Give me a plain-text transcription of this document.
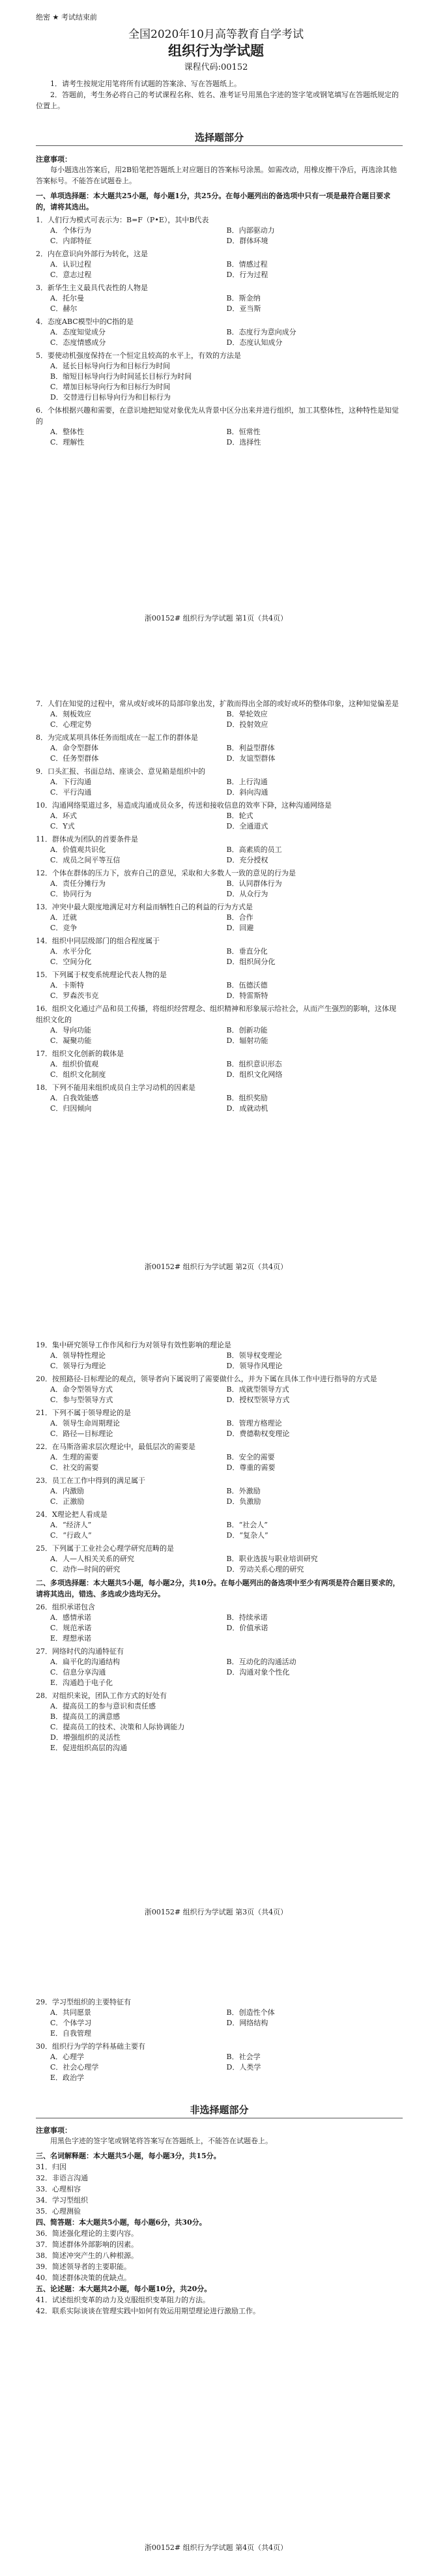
绝密 ★ 考试结束前
全国2020年10月高等教育自学考试
组织行为学试题
课程代码:00152
1．请考生按规定用笔将所有试题的答案涂、写在答题纸上。
2．答题前，考生务必将自己的考试课程名称、姓名、准考证号用黑色字迹的签字笔或钢笔填写在答题纸规定的位置上。
选择题部分
注意事项：
每小题选出答案后，用2B铅笔把答题纸上对应题目的答案标号涂黑。如需改动，用橡皮擦干净后，再选涂其他答案标号。不能答在试题卷上。
一、单项选择题：本大题共25小题，每小题1分，共25分。在每小题列出的备选项中只有一项是最符合题目要求的，请将其选出。
1．人们行为模式可表示为：B=F（P•E），其中B代表
A．个体行为	B．内部驱动力
C．内部特征	D．群体环境
2．内在意识向外部行为转化，这是
A．认识过程	B．情感过程
C．意志过程	D．行为过程
3．新华生主义最具代表性的人物是
A．托尔曼	B．斯金纳
C．赫尔	D．亚当斯
4．态度ABC模型中的C指的是
A．态度知觉成分	B．态度行为意向成分
C．态度情感成分	D．态度认知成分
5．要使动机强度保持在一个恒定且较高的水平上，有效的方法是
A．延长目标导向行为和目标行为时间
B．缩短目标导向行为时间延长目标行为时间
C．增加目标导向行为和目标行为时间
D．交替进行目标导向行为和目标行为
6．个体根据兴趣和需要，在意识地把知觉对象优先从背景中区分出来并进行组织，加工其整体性，这种特性是知觉的
A．整体性	B．恒常性
C．理解性	D．选择性
浙00152# 组织行为学试题 第1页（共4页）
7．人们在知觉的过程中，常从或好或坏的局部印象出发，扩散而得出全部的或好或坏的整体印象，这种知觉偏差是
A．刻板效应	B．晕轮效应
C．心理定势	D．投射效应
8．为完成某项具体任务而组成在一起工作的群体是
A．命令型群体	B．利益型群体
C．任务型群体	D．友谊型群体
9．口头汇报、书面总结、座谈会、意见箱是组织中的
A．下行沟通	B．上行沟通
C．平行沟通	D．斜向沟通
10．沟通网络渠道过多，易造成沟通成员众多，传送和接收信息的效率下降，这种沟通网络是
A．环式	B．轮式
C．Y式	D．全通道式
11．群体成为团队的首要条件是
A．价值观共识化	B．高素质的员工
C．成员之间平等互信	D．充分授权
12．个体在群体的压力下，放弃自己的意见，采取和大多数人一致的意见的行为是
A．责任分摊行为	B．认同群体行为
C．协同行为	D．从众行为
13．冲突中最大限度地满足对方利益而牺牲自己的利益的行为方式是
A．迁就	B．合作
C．竞争	D．回避
14．组织中同层级部门的组合程度属于
A．水平分化	B．垂直分化
C．空间分化	D．组织间分化
15．下列属于权变系统理论代表人物的是
A．卡斯特	B．伍德沃德
C．罗森茨韦克	D．特雷斯特
16．组织文化通过产品和员工传播，将组织经营理念、组织精神和形象展示给社会，从而产生强烈的影响，这体现组织文化的
A．导向功能	B．创新功能
C．凝聚功能	D．辐射功能
17．组织文化创新的载体是
A．组织价值观	B．组织意识形态
C．组织文化制度	D．组织文化网络
18．下列不能用来组织成员自主学习动机的因素是
A．自我效能感	B．组织奖励
C．归因倾向	D．成就动机
浙00152# 组织行为学试题 第2页（共4页）
19．集中研究领导工作作风和行为对领导有效性影响的理论是
A．领导特性理论	B．领导权变理论
C．领导行为理论	D．领导作风理论
20．按照路径-目标理论的观点，领导者向下属说明了需要做什么，并为下属在具体工作中进行指导的方式是
A．命令型领导方式	B．成就型领导方式
C．参与型领导方式	D．授权型领导方式
21．下列不属于领导理论的是
A．领导生命周期理论	B．管理方格理论
C．路径—目标理论	D．费德勒权变理论
22．在马斯洛需求层次理论中，最低层次的需要是
A．生理的需要	B．安全的需要
C．社交的需要	D．尊重的需要
23．员工在工作中得到的满足属于
A．内激励	B．外激励
C．正激励	D．负激励
24．X理论把人看成是
A．“经济人”	B．“社会人”
C．“行政人”	D．“复杂人”
25．下列属于工业社会心理学研究范畴的是
A．人—人相关关系的研究	B．职业选拔与职业培训研究
C．动作—时间的研究	D．劳动关系心理的研究
二、多项选择题：本大题共5小题，每小题2分，共10分。在每小题列出的备选项中至少有两项是符合题目要求的，请将其选出，错选、多选或少选均无分。
26．组织承诺包含
A．感情承诺	B．持续承诺
C．规范承诺	D．价值承诺
E．理想承诺
27．网络时代的沟通特征有
A．扁平化的沟通结构	B．互动化的沟通活动
C．信息分享沟通	D．沟通对象个性化
E．沟通趋于电子化
28．对组织来说，团队工作方式的好处有
A．提高员工的参与意识和责任感
B．提高员工的满意感
C．提高员工的技术、决策和人际协调能力
D．增强组织的灵活性
E．促进组织高层的沟通
浙00152# 组织行为学试题 第3页（共4页）
29．学习型组织的主要特征有
A．共同愿景	B．创造性个体
C．个体学习	D．网络结构
E．自我管理
30．组织行为学的学科基础主要有
A．心理学	B．社会学
C．社会心理学	D．人类学
E．政治学
非选择题部分
注意事项：
用黑色字迹的签字笔或钢笔将答案写在答题纸上，不能答在试题卷上。
三、名词解释题：本大题共5小题，每小题3分，共15分。
31．归因
32．非语言沟通
33．心理相容
34．学习型组织
35．心理测验
四、简答题：本大题共5小题，每小题6分，共30分。
36．简述强化理论的主要内容。
37．简述群体外部影响的因素。
38．简述冲突产生的八种根源。
39．简述领导者的主要职能。
40．简述群体决策的优缺点。
五、论述题：本大题共2小题，每小题10分，共20分。
41．试述组织变革的动力及克服组织变革阻力的方法。
42．联系实际谈谈在管理实践中如何有效运用期望理论进行激励工作。
浙00152# 组织行为学试题 第4页（共4页）
